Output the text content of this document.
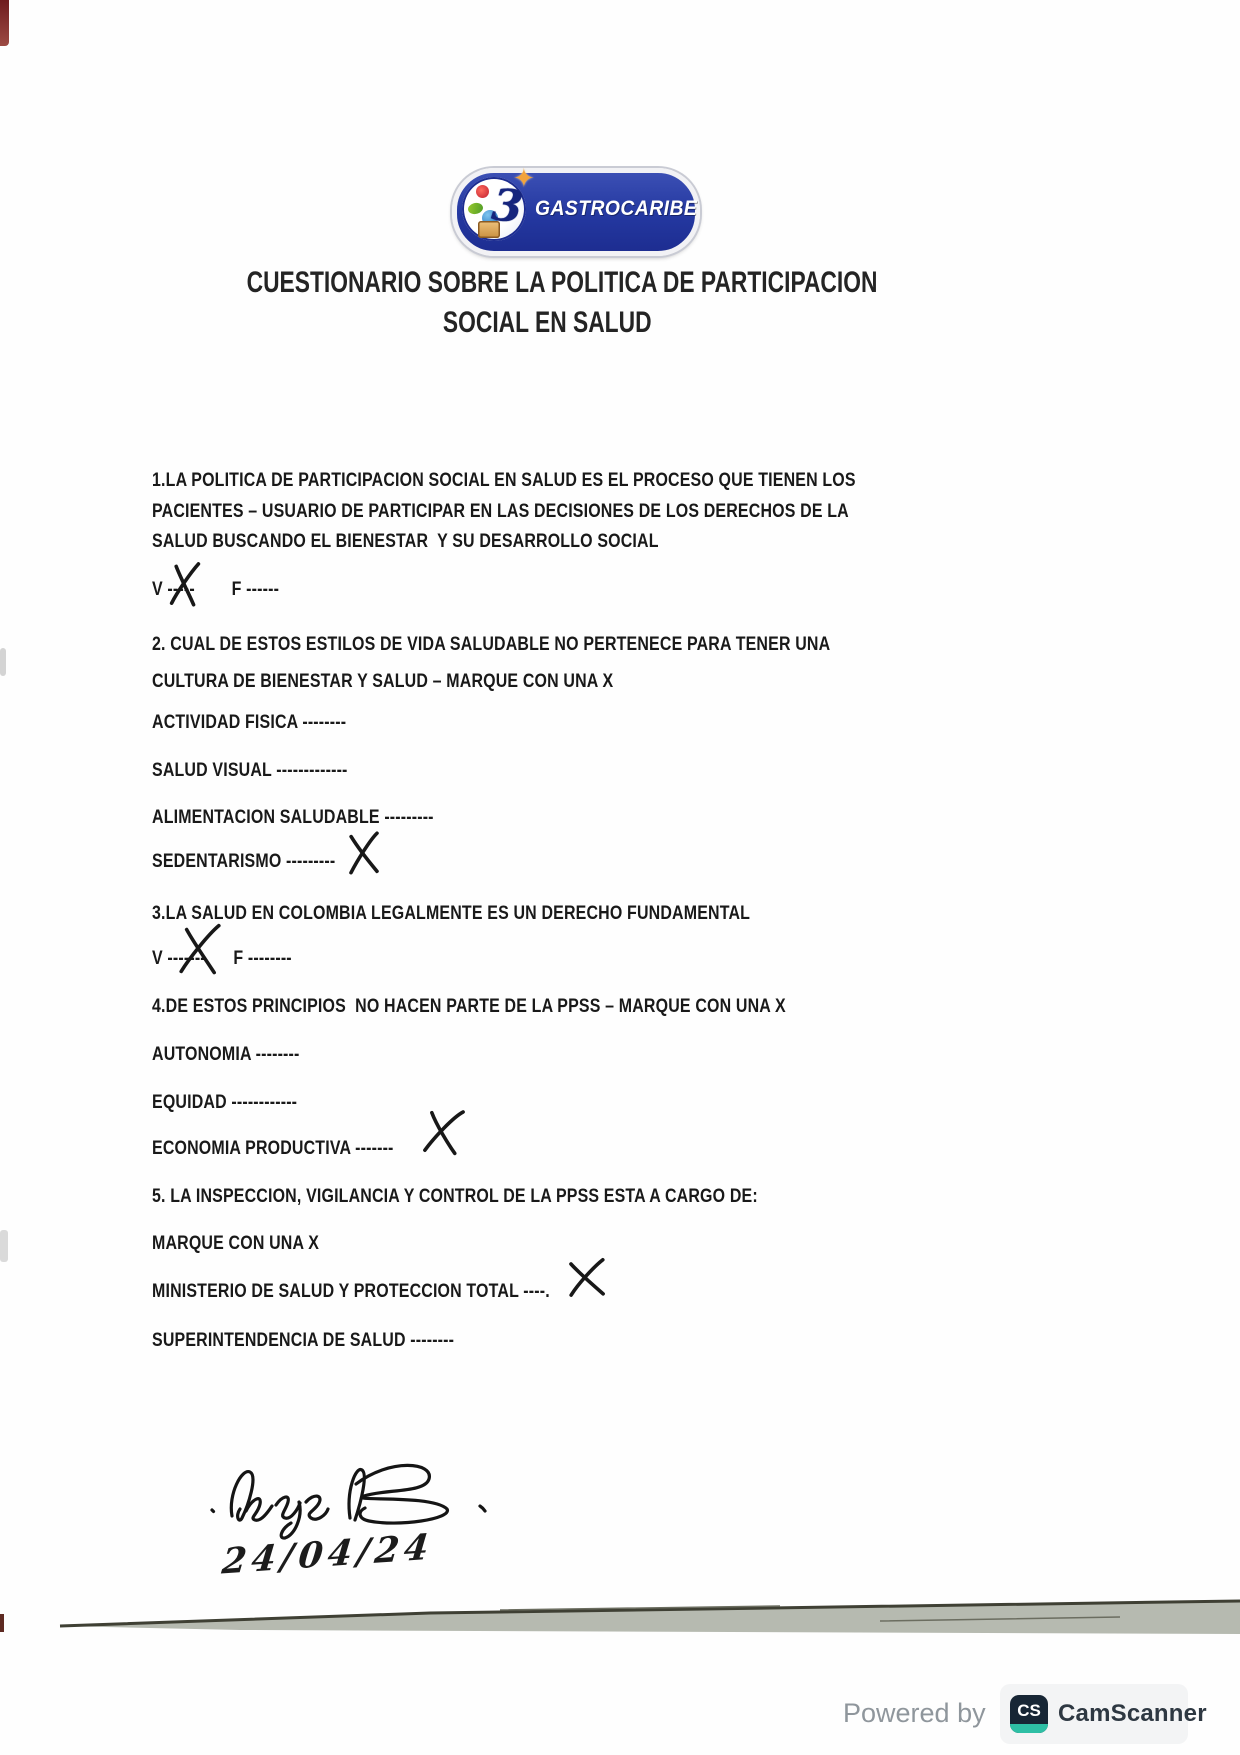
3
✦
GASTROCARIBE
CUESTIONARIO SOBRE LA POLITICA DE PARTICIPACION
SOCIAL EN SALUD
1.LA POLITICA DE PARTICIPACION SOCIAL EN SALUD ES EL PROCESO QUE TIENEN LOS
PACIENTES – USUARIO DE PARTICIPAR EN LAS DECISIONES DE LOS DERECHOS DE LA
SALUD BUSCANDO EL BIENESTAR  Y SU DESARROLLO SOCIAL
V -----        F ------
2. CUAL DE ESTOS ESTILOS DE VIDA SALUDABLE NO PERTENECE PARA TENER UNA
CULTURA DE BIENESTAR Y SALUD – MARQUE CON UNA X
ACTIVIDAD FISICA --------
SALUD VISUAL -------------
ALIMENTACION SALUDABLE ---------
SEDENTARISMO ---------
3.LA SALUD EN COLOMBIA LEGALMENTE ES UN DERECHO FUNDAMENTAL
V -------      F --------
4.DE ESTOS PRINCIPIOS  NO HACEN PARTE DE LA PPSS – MARQUE CON UNA X
AUTONOMIA --------
EQUIDAD ------------
ECONOMIA PRODUCTIVA -------
5. LA INSPECCION, VIGILANCIA Y CONTROL DE LA PPSS ESTA A CARGO DE:
MARQUE CON UNA X
MINISTERIO DE SALUD Y PROTECCION TOTAL ----.
SUPERINTENDENCIA DE SALUD --------
24/04/24
Powered by CS CamScanner
